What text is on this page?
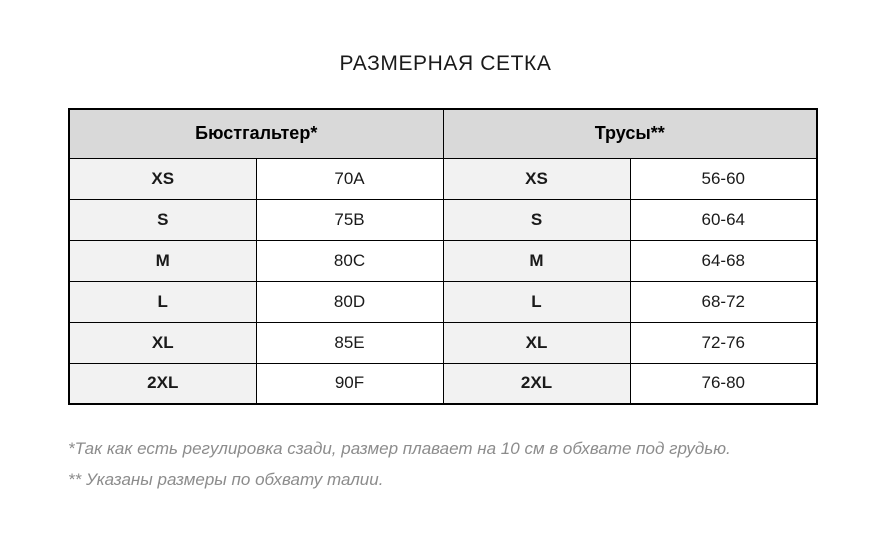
РАЗМЕРНАЯ СЕТКА
Бюстгальтер*		Трусы**	
XS	70A	XS	56-60
S	75B	S	60-64
M	80C	M	64-68
L	80D	L	68-72
XL	85E	XL	72-76
2XL	90F	2XL	76-80
*Так как есть регулировка сзади, размер плавает на 10 см в обхвате под грудью.
** Указаны размеры по обхвату талии.
